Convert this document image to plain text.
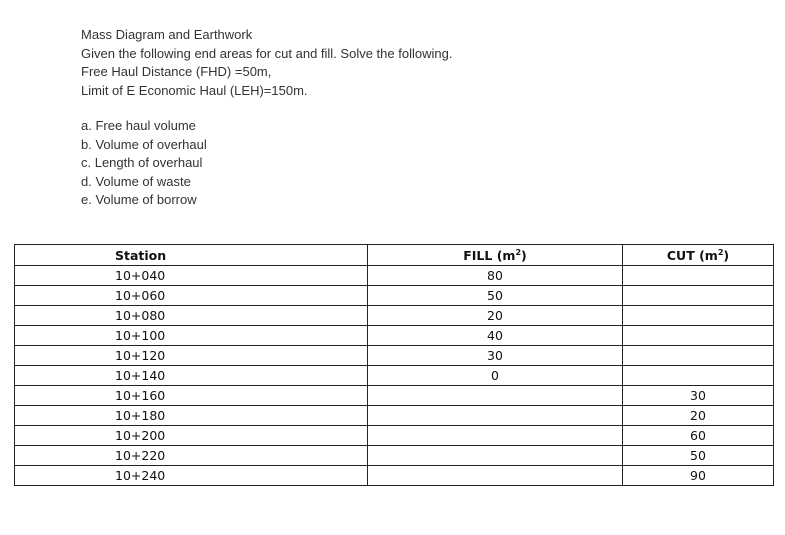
Mass Diagram and Earthwork
Given the following end areas for cut and fill. Solve the following.
Free Haul Distance (FHD) =50m,
Limit of E Economic Haul (LEH)=150m.
a. Free haul volume
b. Volume of overhaul
c. Length of overhaul
d. Volume of waste
e. Volume of borrow
Station	FILL $(m^2)$	CUT $(m^2)$
10+040	80	
10+060	50	
10+080	20	
10+100	40	
10+120	30	
10+140	0	
10+160		30
10+180		20
10+200		60
10+220		50
10+240		90
